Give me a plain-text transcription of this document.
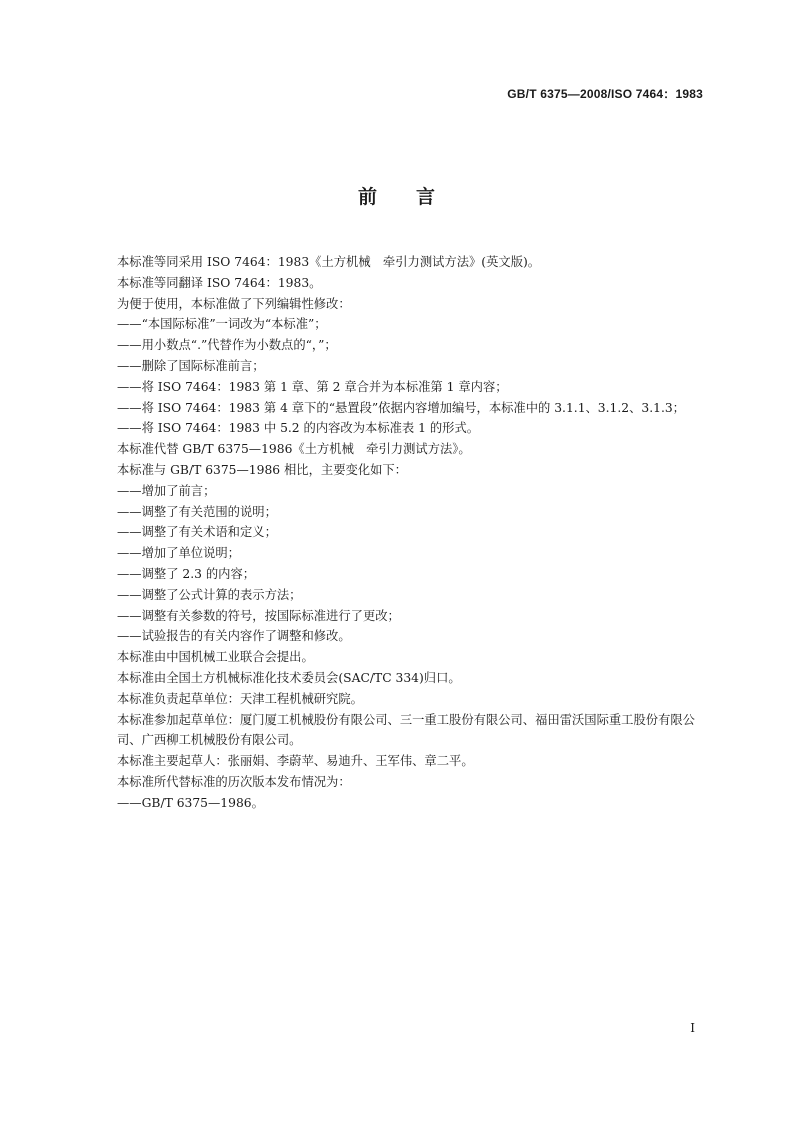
GB/T 6375—2008/ISO 7464：1983
前 言

本标准等同采用 ISO 7464：1983《土方机械　牵引力测试方法》(英文版)。

本标准等同翻译 ISO 7464：1983。

为便于使用，本标准做了下列编辑性修改：

——“本国际标准”一词改为“本标准”；

——用小数点“.”代替作为小数点的“，”；

——删除了国际标准前言；

——将 ISO 7464：1983 第 1 章、第 2 章合并为本标准第 1 章内容；

——将 ISO 7464：1983 第 4 章下的“悬置段”依据内容增加编号，本标准中的 3.1.1、3.1.2、3.1.3；

——将 ISO 7464：1983 中 5.2 的内容改为本标准表 1 的形式。

本标准代替 GB/T 6375—1986《土方机械　牵引力测试方法》。

本标准与 GB/T 6375—1986 相比，主要变化如下：

——增加了前言；

——调整了有关范围的说明；

——调整了有关术语和定义；

——增加了单位说明；

——调整了 2.3 的内容；

——调整了公式计算的表示方法；

——调整有关参数的符号，按国际标准进行了更改；

——试验报告的有关内容作了调整和修改。

本标准由中国机械工业联合会提出。

本标准由全国土方机械标准化技术委员会(SAC/TC 334)归口。

本标准负责起草单位：天津工程机械研究院。

本标准参加起草单位：厦门厦工机械股份有限公司、三一重工股份有限公司、福田雷沃国际重工股份有限公司、广西柳工机械股份有限公司。

本标准主要起草人：张丽娟、李蔚苹、易迪升、王军伟、章二平。

本标准所代替标准的历次版本发布情况为：

——GB/T 6375—1986。

Ⅰ
